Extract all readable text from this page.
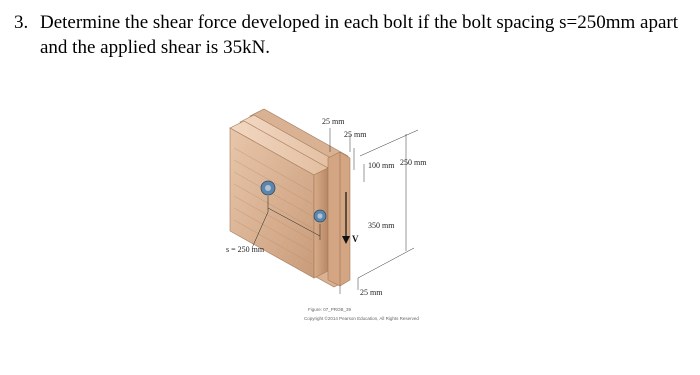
3. Determine the shear force developed in each bolt if the bolt spacing s=250mm apart
and the applied shear is 35kN.
V
25 mm
25 mm
100 mm 250 mm
350 mm
25 mm
s = 250 mm
Figure: 07_PROB_39
Copyright ©2014 Pearson Education, All Rights Reserved
